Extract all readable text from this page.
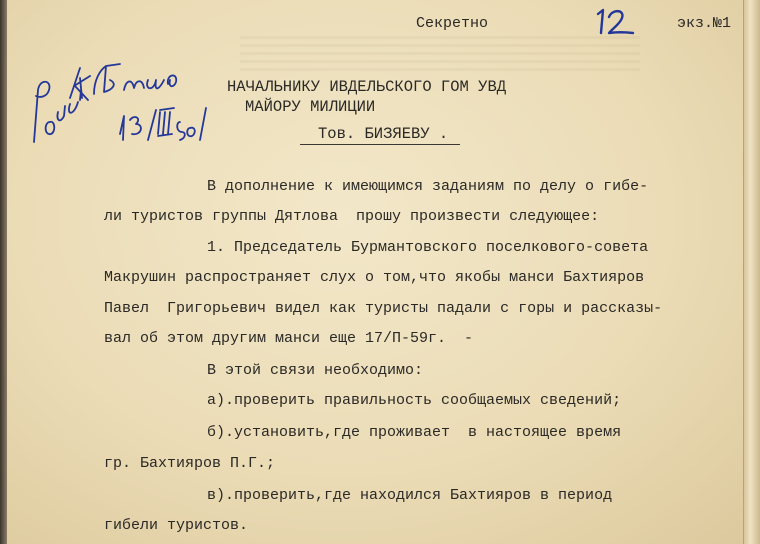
Секретно	экз.№1

НАЧАЛЬНИКУ ИВДЕЛЬСКОГО ГОМ УВД

МАЙОРУ МИЛИЦИИ

Тов. БИЗЯЕВУ .

В дополнение к имеющимся заданиям по делу о гибе-

ли туристов группы Дятлова  прошу произвести следующее:

1. Председатель Бурмантовского поселкового-совета

Макрушин распространяет слух о том,что якобы манси Бахтияров

Павел  Григорьевич видел как туристы падали с горы и рассказы-

вал об этом другим манси еще 17/П-59г.  -

В этой связи необходимо:

а).проверить правильность сообщаемых сведений;

б).установить,где проживает  в настоящее время

гр. Бахтияров П.Г.;

в).проверить,где находился Бахтияров в период

гибели туристов.
